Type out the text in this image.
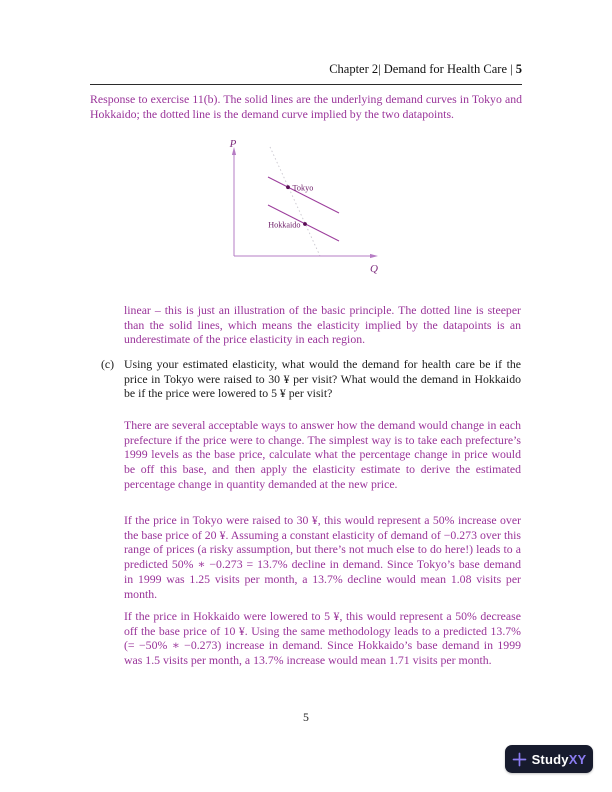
Chapter 2| Demand for Health Care | 5
Response to exercise 11(b). The solid lines are the underlying demand curves in Tokyo and Hokkaido; the dotted line is the demand curve implied by the two datapoints.
P
Q
Tokyo
Hokkaido
linear – this is just an illustration of the basic principle. The dotted line is steeper than the solid lines, which means the elasticity implied by the datapoints is an underestimate of the price elasticity in each region.
(c) Using your estimated elasticity, what would the demand for health care be if the price in Tokyo were raised to 30 ¥ per visit? What would the demand in Hokkaido be if the price were lowered to 5 ¥ per visit?
There are several acceptable ways to answer how the demand would change in each prefecture if the price were to change. The simplest way is to take each prefecture’s 1999 levels as the base price, calculate what the percentage change in price would be off this base, and then apply the elasticity estimate to derive the estimated percentage change in quantity demanded at the new price.
If the price in Tokyo were raised to 30 ¥, this would represent a 50% increase over the base price of 20 ¥. Assuming a constant elasticity of demand of −0.273 over this range of prices (a risky assumption, but there’s not much else to do here!) leads to a predicted 50% ∗ −0.273 = 13.7% decline in demand. Since Tokyo’s base demand in 1999 was 1.25 visits per month, a 13.7% decline would mean 1.08 visits per month.
If the price in Hokkaido were lowered to 5 ¥, this would represent a 50% decrease off the base price of 10 ¥. Using the same methodology leads to a predicted 13.7%(= −50% ∗ −0.273) increase in demand. Since Hokkaido’s base demand in 1999 was 1.5 visits per month, a 13.7% increase would mean 1.71 visits per month.
5
StudyXY
